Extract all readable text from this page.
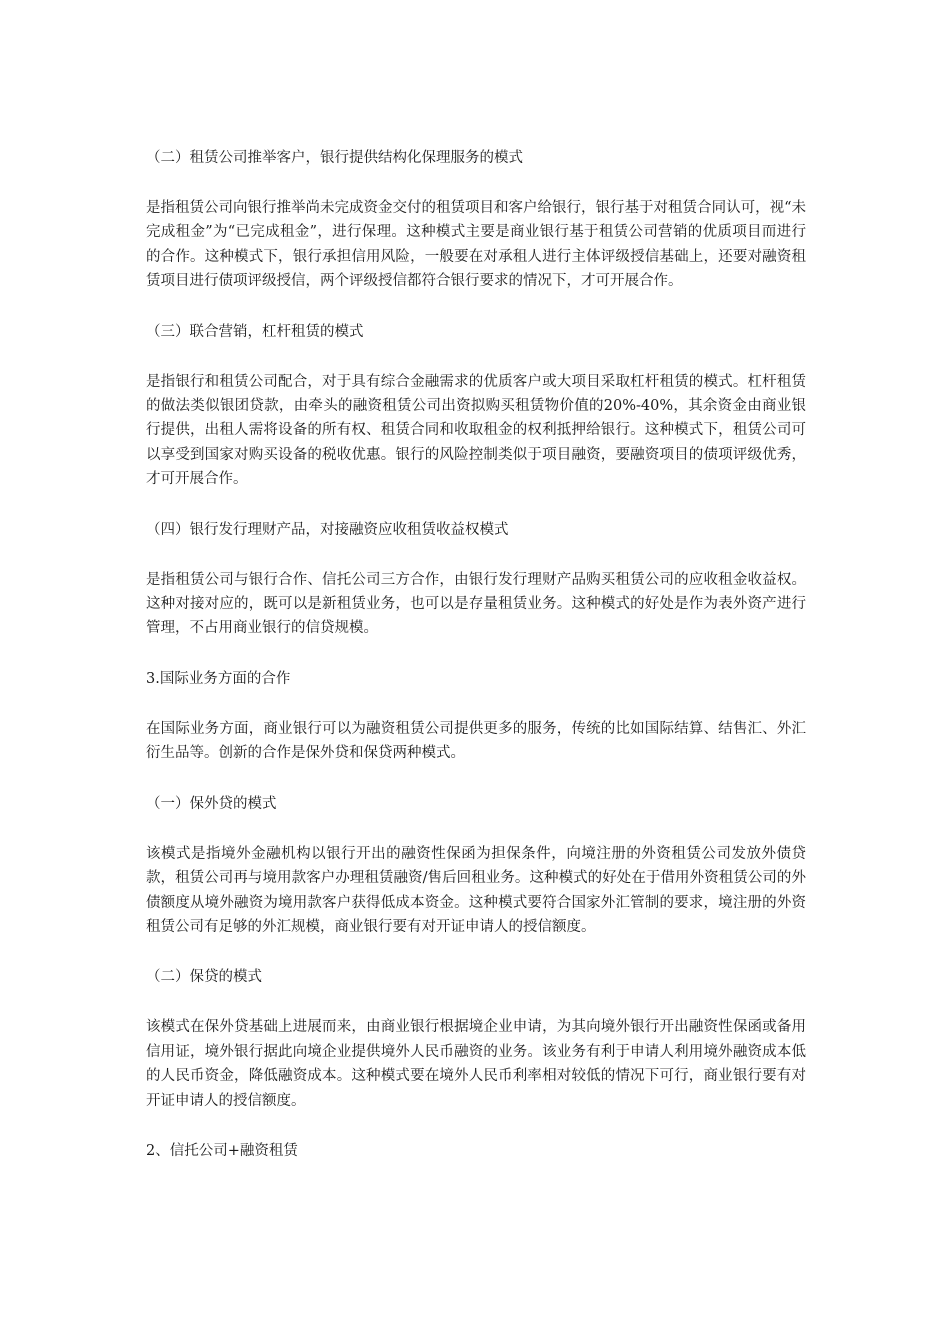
（二）租赁公司推举客户，银行提供结构化保理服务的模式

是指租赁公司向银行推举尚未完成资金交付的租赁项目和客户给银行，银行基于对租赁合同认可，视“未完成租金”为“已完成租金”，进行保理。这种模式主要是商业银行基于租赁公司营销的优质项目而进行的合作。这种模式下，银行承担信用风险，一般要在对承租人进行主体评级授信基础上，还要对融资租赁项目进行债项评级授信，两个评级授信都符合银行要求的情况下，才可开展合作。

（三）联合营销，杠杆租赁的模式

是指银行和租赁公司配合，对于具有综合金融需求的优质客户或大项目采取杠杆租赁的模式。杠杆租赁的做法类似银团贷款，由牵头的融资租赁公司出资拟购买租赁物价值的20%-40%，其余资金由商业银行提供，出租人需将设备的所有权、租赁合同和收取租金的权利抵押给银行。这种模式下，租赁公司可以享受到国家对购买设备的税收优惠。银行的风险控制类似于项目融资，要融资项目的债项评级优秀，才可开展合作。

（四）银行发行理财产品，对接融资应收租赁收益权模式

是指租赁公司与银行合作、信托公司三方合作，由银行发行理财产品购买租赁公司的应收租金收益权。这种对接对应的，既可以是新租赁业务，也可以是存量租赁业务。这种模式的好处是作为表外资产进行管理，不占用商业银行的信贷规模。

3.国际业务方面的合作

在国际业务方面，商业银行可以为融资租赁公司提供更多的服务，传统的比如国际结算、结售汇、外汇衍生品等。创新的合作是保外贷和保贷两种模式。

（一）保外贷的模式

该模式是指境外金融机构以银行开出的融资性保函为担保条件，向境注册的外资租赁公司发放外债贷款，租赁公司再与境用款客户办理租赁融资/售后回租业务。这种模式的好处在于借用外资租赁公司的外债额度从境外融资为境用款客户获得低成本资金。这种模式要符合国家外汇管制的要求，境注册的外资租赁公司有足够的外汇规模，商业银行要有对开证申请人的授信额度。

（二）保贷的模式

该模式在保外贷基础上进展而来，由商业银行根据境企业申请，为其向境外银行开出融资性保函或备用信用证，境外银行据此向境企业提供境外人民币融资的业务。该业务有利于申请人利用境外融资成本低的人民币资金，降低融资成本。这种模式要在境外人民币利率相对较低的情况下可行，商业银行要有对开证申请人的授信额度。

2、信托公司+融资租赁
